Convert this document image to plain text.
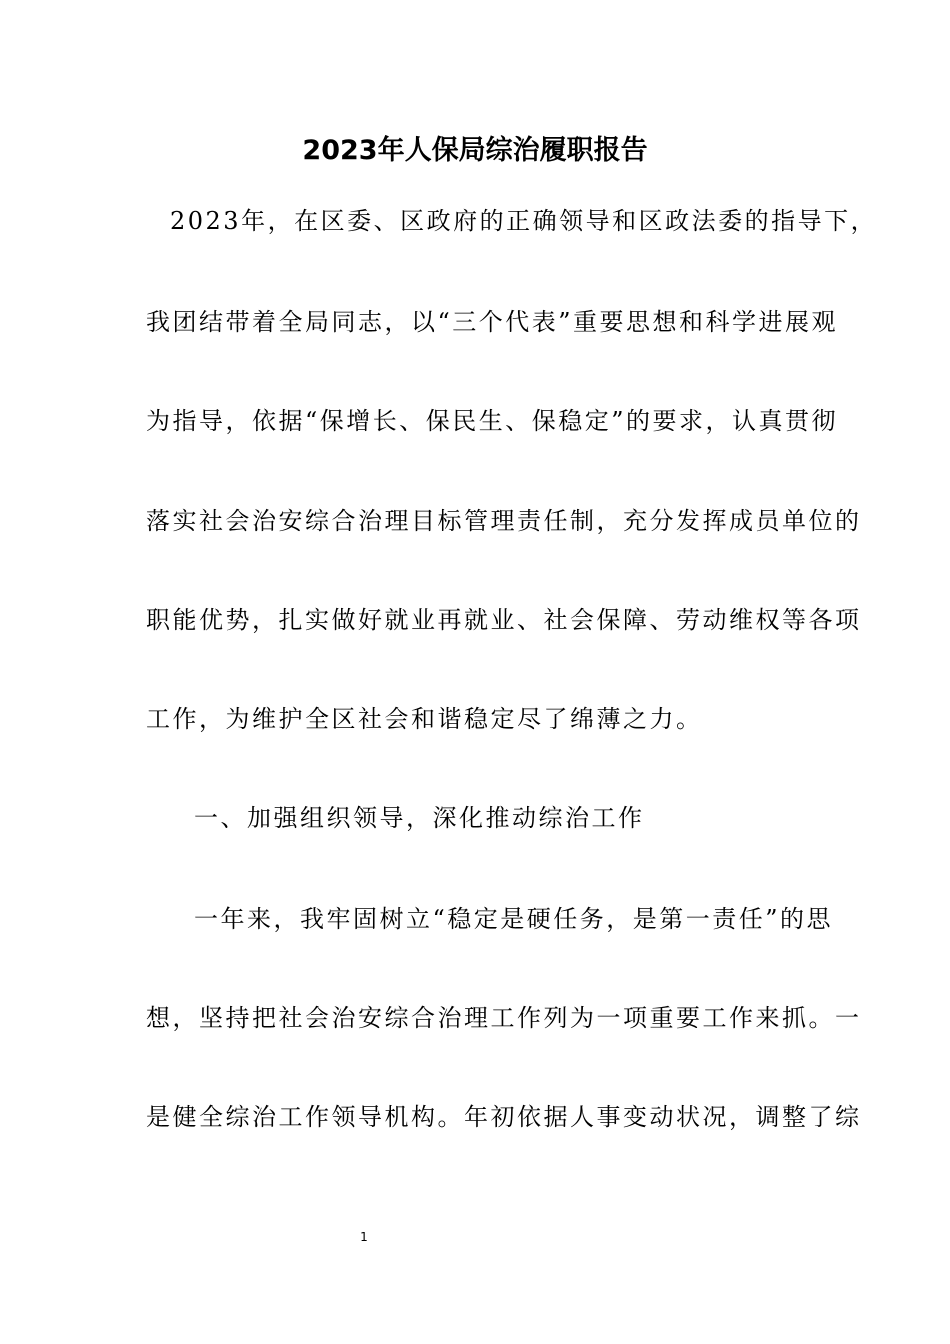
2023年人保局综治履职报告
2023年，在区委、区政府的正确领导和区政法委的指导下，
我团结带着全局同志，以“三个代表”重要思想和科学进展观
为指导，依据“保增长、保民生、保稳定”的要求，认真贯彻
落实社会治安综合治理目标管理责任制，充分发挥成员单位的
职能优势，扎实做好就业再就业、社会保障、劳动维权等各项
工作，为维护全区社会和谐稳定尽了绵薄之力。
一、加强组织领导，深化推动综治工作
一年来，我牢固树立“稳定是硬任务，是第一责任”的思
想，坚持把社会治安综合治理工作列为一项重要工作来抓。一
是健全综治工作领导机构。年初依据人事变动状况，调整了综
1
